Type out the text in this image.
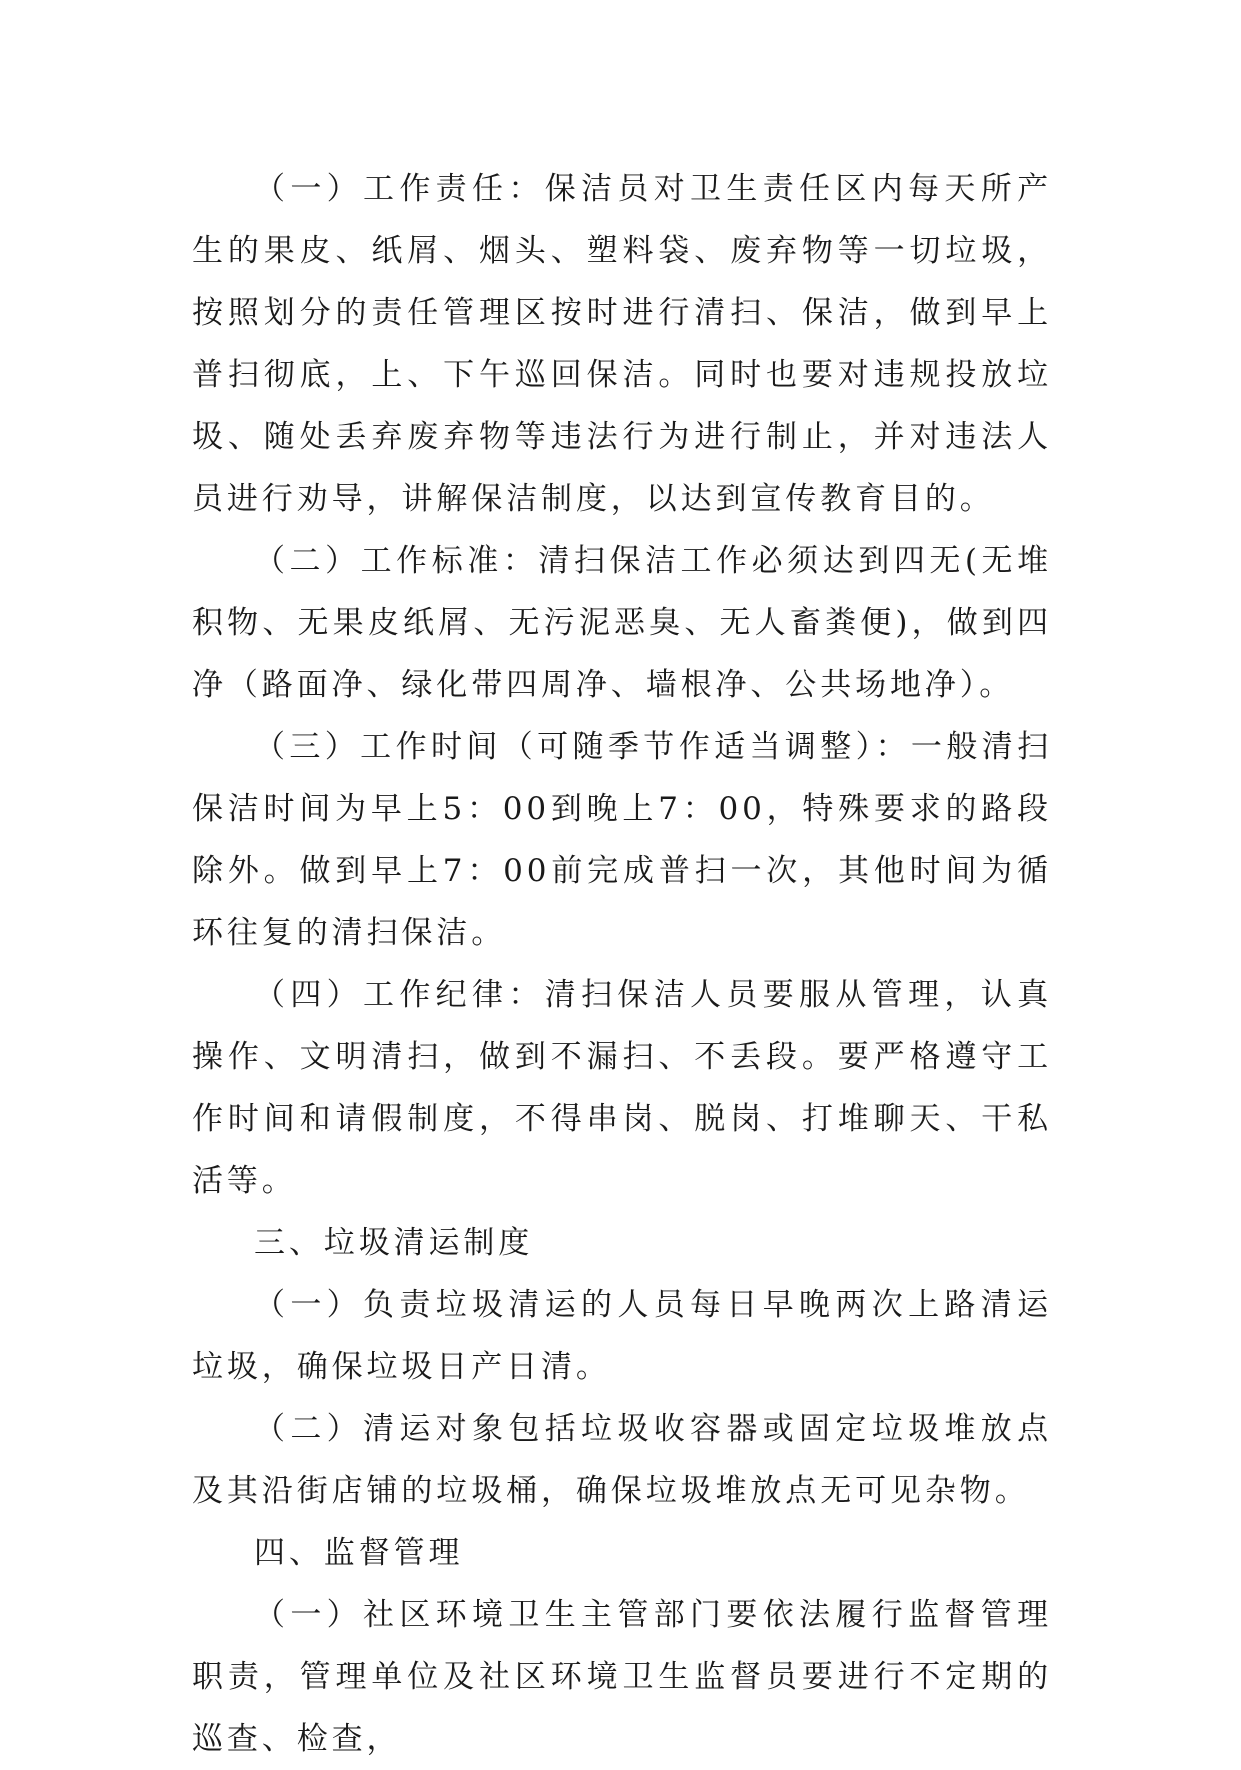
（一）工作责任：保洁员对卫生责任区内每天所产生的果皮、纸屑、烟头、塑料袋、废弃物等一切垃圾，按照划分的责任管理区按时进行清扫、保洁，做到早上普扫彻底，上、下午巡回保洁。同时也要对违规投放垃圾、随处丢弃废弃物等违法行为进行制止，并对违法人员进行劝导，讲解保洁制度，以达到宣传教育目的。

（二）工作标准：清扫保洁工作必须达到四无(无堆积物、无果皮纸屑、无污泥恶臭、无人畜粪便)，做到四净（路面净、绿化带四周净、墙根净、公共场地净）。

（三）工作时间（可随季节作适当调整）：一般清扫保洁时间为早上5：00到晚上7：00，特殊要求的路段除外。做到早上7：00前完成普扫一次，其他时间为循环往复的清扫保洁。

（四）工作纪律：清扫保洁人员要服从管理，认真操作、文明清扫，做到不漏扫、不丢段。要严格遵守工作时间和请假制度，不得串岗、脱岗、打堆聊天、干私活等。

三、垃圾清运制度

（一）负责垃圾清运的人员每日早晚两次上路清运垃圾，确保垃圾日产日清。

（二）清运对象包括垃圾收容器或固定垃圾堆放点及其沿街店铺的垃圾桶，确保垃圾堆放点无可见杂物。

四、监督管理

（一）社区环境卫生主管部门要依法履行监督管理职责，管理单位及社区环境卫生监督员要进行不定期的巡查、检查，
